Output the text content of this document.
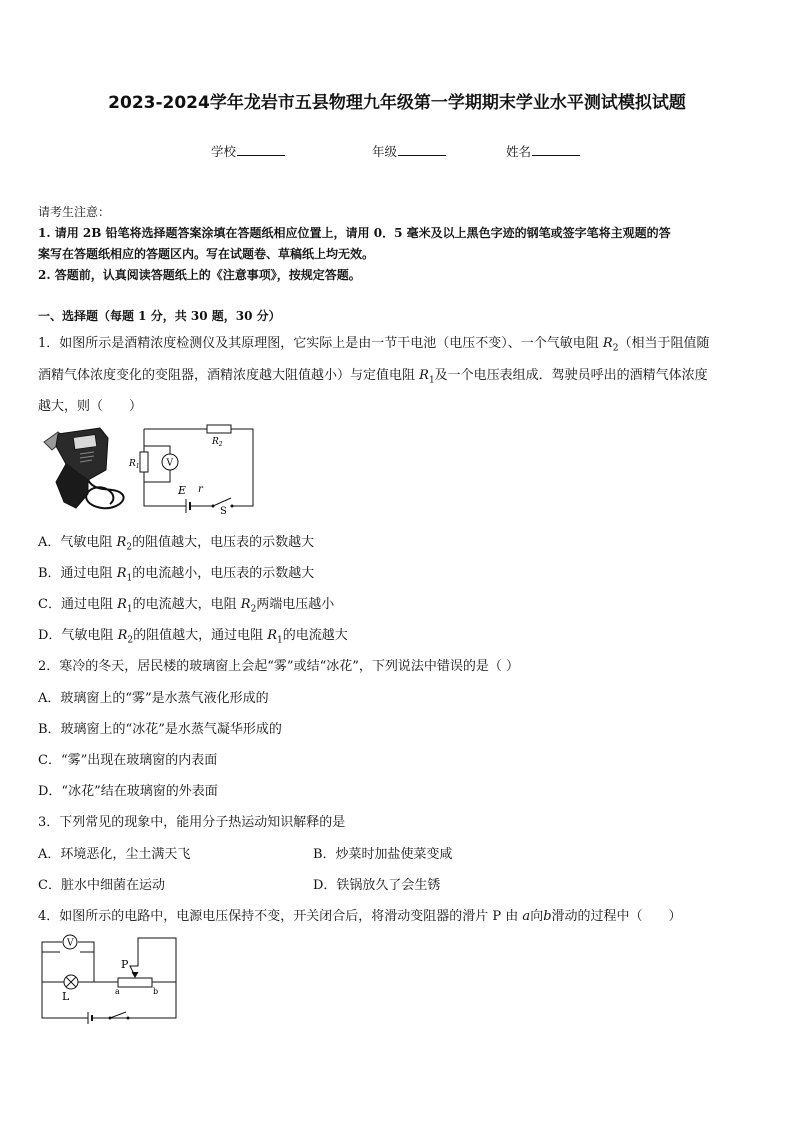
2023-2024学年龙岩市五县物理九年级第一学期期末学业水平测试模拟试题
学校	年级	姓名
请考生注意：
1. 请用 2B 铅笔将选择题答案涂填在答题纸相应位置上，请用 0．5 毫米及以上黑色字迹的钢笔或签字笔将主观题的答
案写在答题纸相应的答题区内。写在试题卷、草稿纸上均无效。
2. 答题前，认真阅读答题纸上的《注意事项》，按规定答题。
一、选择题（每题 1 分，共 30 题，30 分）
1．如图所示是酒精浓度检测仪及其原理图，它实际上是由一节干电池（电压不变）、一个气敏电阻 $R_2$（相当于阻值随
酒精气体浓度变化的变阻器，酒精浓度越大阻值越小）与定值电阻 $R_1$及一个电压表组成．驾驶员呼出的酒精气体浓度
越大，则（　　）
$R_2$
$R_1$	V
E r
S
A．气敏电阻 $R_2$的阻值越大，电压表的示数越大
B．通过电阻 $R_1$的电流越小，电压表的示数越大
C．通过电阻 $R_1$的电流越大，电阻 $R_2$两端电压越小
D．气敏电阻 $R_2$的阻值越大，通过电阻 $R_1$的电流越大
2．寒冷的冬天，居民楼的玻璃窗上会起“雾”或结“冰花”，下列说法中错误的是（ ）
A．玻璃窗上的“雾”是水蒸气液化形成的
B．玻璃窗上的“冰花”是水蒸气凝华形成的
C．“雾”出现在玻璃窗的内表面
D．“冰花”结在玻璃窗的外表面
3．下列常见的现象中，能用分子热运动知识解释的是
A．环境恶化，尘土满天飞	B．炒菜时加盐使菜变咸
C．脏水中细菌在运动	D．铁锅放久了会生锈
4．如图所示的电路中，电源电压保持不变，开关闭合后，将滑动变阻器的滑片 P 由 a向b滑动的过程中（　　）
V
L
P
a	b
